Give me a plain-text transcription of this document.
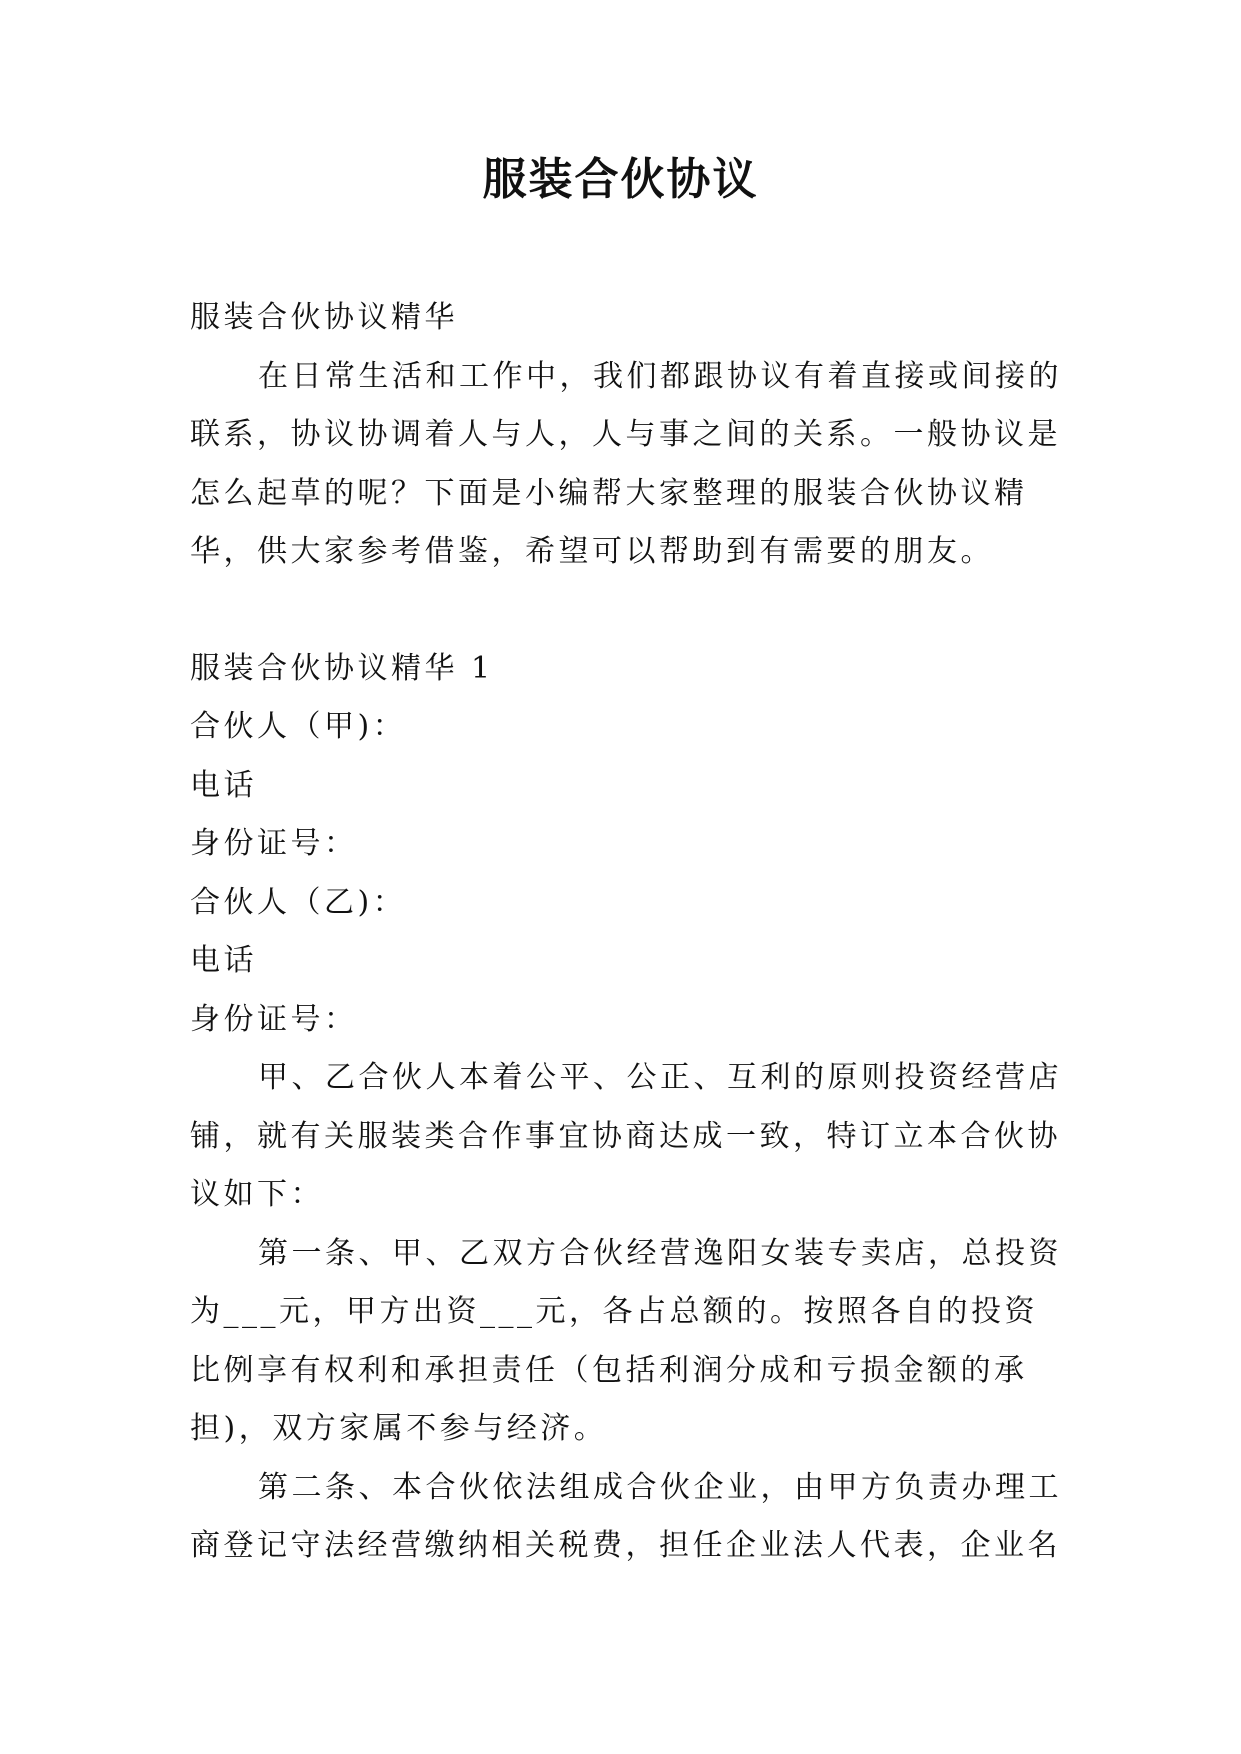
服装合伙协议

服装合伙协议精华

在日常生活和工作中，我们都跟协议有着直接或间接的联系，协议协调着人与人，人与事之间的关系。一般协议是怎么起草的呢？下面是小编帮大家整理的服装合伙协议精华，供大家参考借鉴，希望可以帮助到有需要的朋友。

服装合伙协议精华 1

合伙人（甲)：

电话

身份证号：

合伙人（乙)：

电话

身份证号：

甲、乙合伙人本着公平、公正、互利的原则投资经营店铺，就有关服装类合作事宜协商达成一致，特订立本合伙协议如下：

第一条、甲、乙双方合伙经营逸阳女装专卖店，总投资为___元，甲方出资___元，各占总额的。按照各自的投资比例享有权利和承担责任（包括利润分成和亏损金额的承担)，双方家属不参与经济。

第二条、本合伙依法组成合伙企业，由甲方负责办理工商登记守法经营缴纳相关税费，担任企业法人代表，企业名
